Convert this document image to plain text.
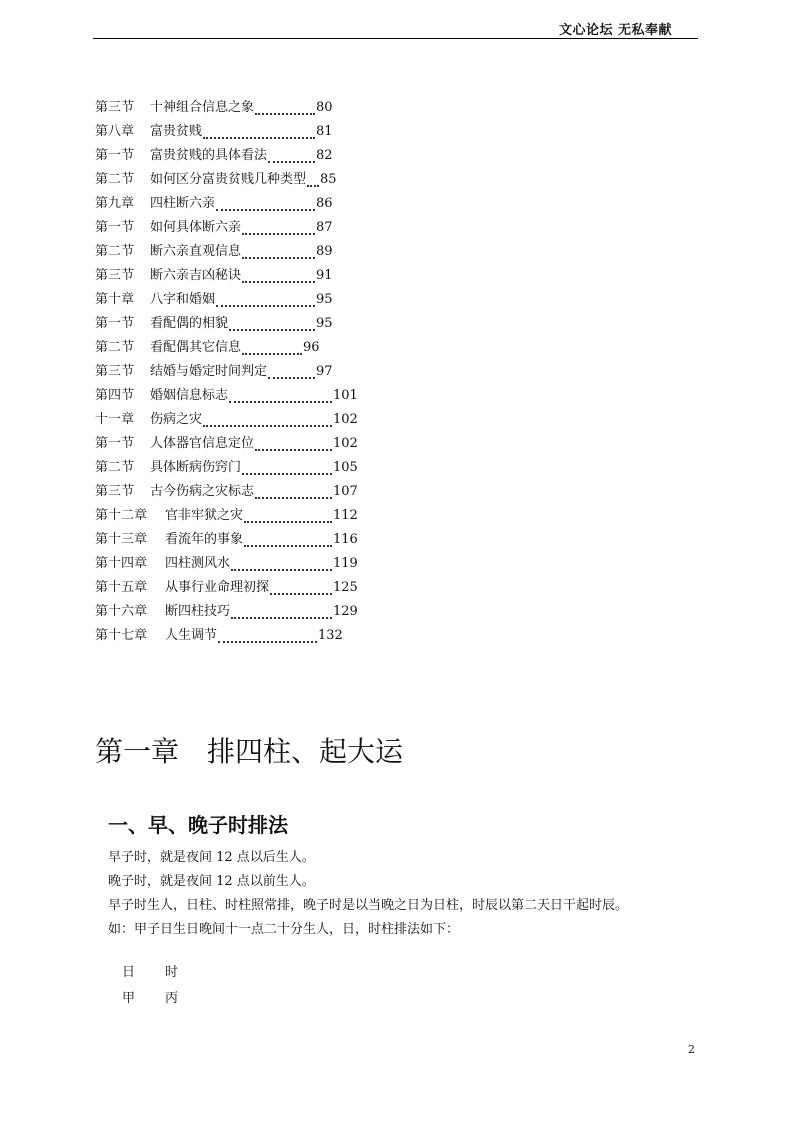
文心论坛 无私奉献
第三节 十神组合信息之象	80
第八章 富贵贫贱	81
第一节 富贵贫贱的具体看法	82
第二节 如何区分富贵贫贱几种类型 85
第九章 四柱断六亲	86
第一节 如何具体断六亲	87
第二节 断六亲直观信息	89
第三节 断六亲吉凶秘诀	91
第十章 八字和婚姻	95
第一节 看配偶的相貌	95
第二节 看配偶其它信息	96
第三节 结婚与婚定时间判定	97
第四节 婚姻信息标志	101
十一章 伤病之灾	102
第一节 人体器官信息定位	102
第二节 具体断病伤窍门	105
第三节 古今伤病之灾标志	107
第十二章 官非牢狱之灾	112
第十三章 看流年的事象	116
第十四章 四柱测风水	119
第十五章 从事行业命理初探	125
第十六章 断四柱技巧	129
第十七章 人生调节	132
第一章　排四柱、起大运
一、早、晚子时排法

早子时，就是夜间 12 点以后生人。

晚子时，就是夜间 12 点以前生人。

早子时生人，日柱、时柱照常排，晚子时是以当晚之日为日柱，时辰以第二天日干起时辰。

如：甲子日生日晚间十一点二十分生人，日，时柱排法如下：

日 时
甲 丙
2
